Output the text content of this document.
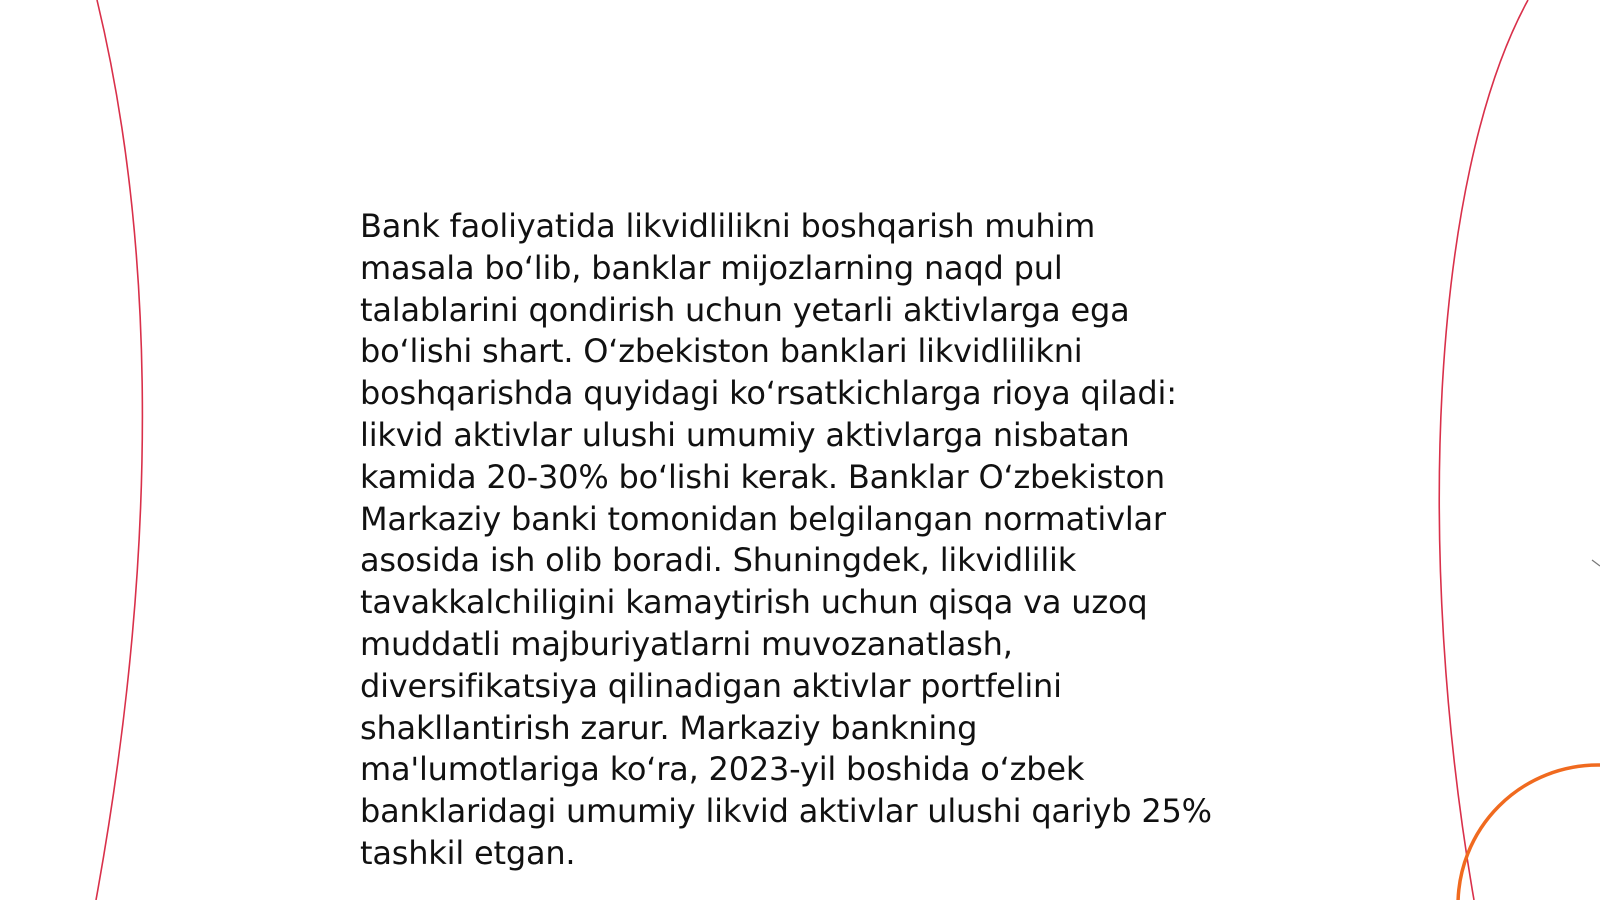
Bank faoliyatida likvidlilikni boshqarish muhim
masala boʻlib, banklar mijozlarning naqd pul
talablarini qondirish uchun yetarli aktivlarga ega
boʻlishi shart. Oʻzbekiston banklari likvidlilikni
boshqarishda quyidagi koʻrsatkichlarga rioya qiladi:
likvid aktivlar ulushi umumiy aktivlarga nisbatan
kamida 20-30% boʻlishi kerak. Banklar Oʻzbekiston
Markaziy banki tomonidan belgilangan normativlar
asosida ish olib boradi. Shuningdek, likvidlilik
tavakkalchiligini kamaytirish uchun qisqa va uzoq
muddatli majburiyatlarni muvozanatlash,
diversifikatsiya qilinadigan aktivlar portfelini
shakllantirish zarur. Markaziy bankning
ma'lumotlariga koʻra, 2023-yil boshida oʻzbek
banklaridagi umumiy likvid aktivlar ulushi qariyb 25%
tashkil etgan.
